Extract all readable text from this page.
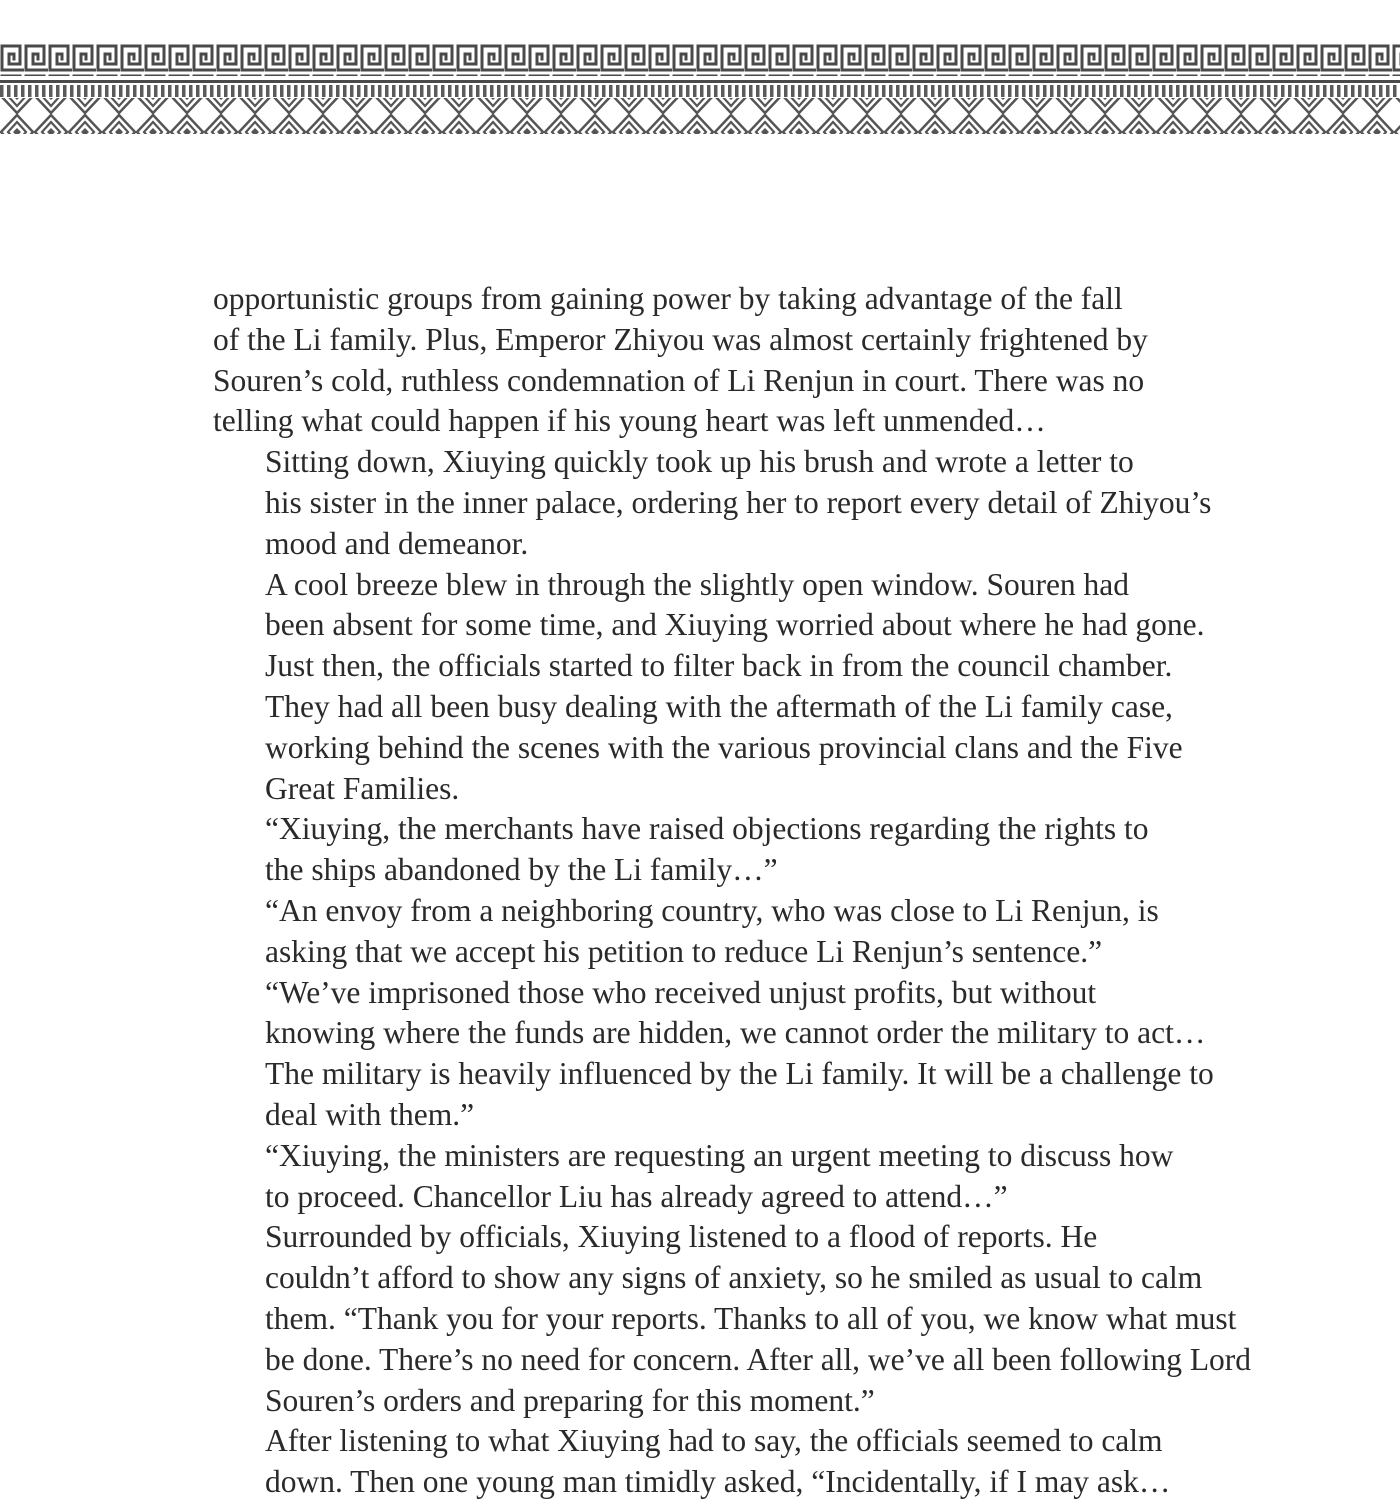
opportunistic groups from gaining power by taking advantage of the fall
of the Li family. Plus, Emperor Zhiyou was almost certainly frightened by
Souren’s cold, ruthless condemnation of Li Renjun in court. There was no
telling what could happen if his young heart was left unmended…

Sitting down, Xiuying quickly took up his brush and wrote a letter to
his sister in the inner palace, ordering her to report every detail of Zhiyou’s
mood and demeanor.

A cool breeze blew in through the slightly open window. Souren had
been absent for some time, and Xiuying worried about where he had gone.

Just then, the officials started to filter back in from the council chamber.
They had all been busy dealing with the aftermath of the Li family case,
working behind the scenes with the various provincial clans and the Five
Great Families.

“Xiuying, the merchants have raised objections regarding the rights to
the ships abandoned by the Li family…”

“An envoy from a neighboring country, who was close to Li Renjun, is
asking that we accept his petition to reduce Li Renjun’s sentence.”

“We’ve imprisoned those who received unjust profits, but without
knowing where the funds are hidden, we cannot order the military to act…
The military is heavily influenced by the Li family. It will be a challenge to
deal with them.”

“Xiuying, the ministers are requesting an urgent meeting to discuss how
to proceed. Chancellor Liu has already agreed to attend…”

Surrounded by officials, Xiuying listened to a flood of reports. He
couldn’t afford to show any signs of anxiety, so he smiled as usual to calm
them. “Thank you for your reports. Thanks to all of you, we know what must
be done. There’s no need for concern. After all, we’ve all been following Lord
Souren’s orders and preparing for this moment.”

After listening to what Xiuying had to say, the officials seemed to calm
down. Then one young man timidly asked, “Incidentally, if I may ask…
